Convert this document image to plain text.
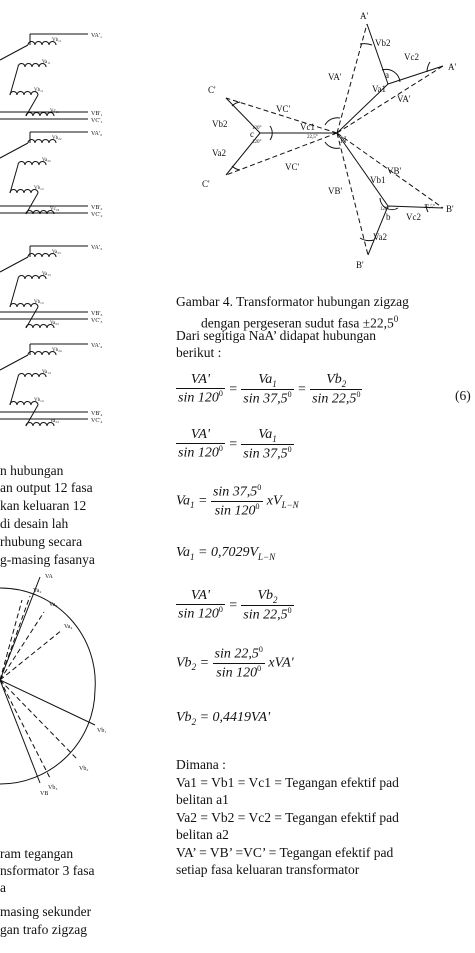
VA'₁
Vb₁₁
Va₁₁
Vb₁₁
Vc₂₁	VB'₁
VC'₁
VA'₂
Vb₂₂
Va₂₂
Vb₁₂
Vc₂₂	VB'₂
VC'₂
VA'₃
Va₂₃
Va₁₃
Vb₁₃
Va₂₃
VB'₃
VC'₃
VA'₄
Vb₂₄
Va₁₄
Vb₁₄
Va₂₄
VB'₄
VC'₄
VA
Va₂
Va₃
Va₄
Vb₁
Vb₂
Vb₃
VB
A'
Vb2
Vc2
a
A'
Va1
VA'
VA'
C'
VC'
Vb2
c
Vc1
N
Va2
VC'
C'
VB'
VB'
Vb1
b Vc2
B'
Va2
B'
120°
120°
22,5°
37,5°
120°
n hubungan
an output 12 fasa
kan keluaran 12
di desain lah
rhubung secara
g-masing fasanya
ram tegangan
nsformator 3 fasa
a
masing sekunder
gan trafo zigzag
Gambar 4. Transformator hubungan zigzag
dengan pergeseran sudut fasa $\pm 22,5^0$
Dari segitiga NaA’ didapat hubungan
berikut :
$\frac{VA'}{\sin 120^0} = \frac{Va_1}{\sin 37,5^0} = \frac{Vb_2}{\sin 22,5^0}$	(6)
$\frac{VA'}{\sin 120^0} = \frac{Va_1}{\sin 37,5^0}$
$Va_1 = \frac{\sin 37,5^0}{\sin 120^0} xV_{L-N}$
$Va_1 = 0,7029V_{L-N}$
$\frac{VA'}{\sin 120^0} = \frac{Vb_2}{\sin 22,5^0}$
$Vb_2 = \frac{\sin 22,5^0}{\sin 120^0} xVA'$
$Vb_2 = 0,4419VA'$
Dimana :
Va1 = Vb1 = Vc1 = Tegangan efektif pad
belitan a1
Va2 = Vb2 = Vc2 = Tegangan efektif pad
belitan a2
VA’ = VB’ =VC’ = Tegangan efektif pad
setiap fasa keluaran transformator
